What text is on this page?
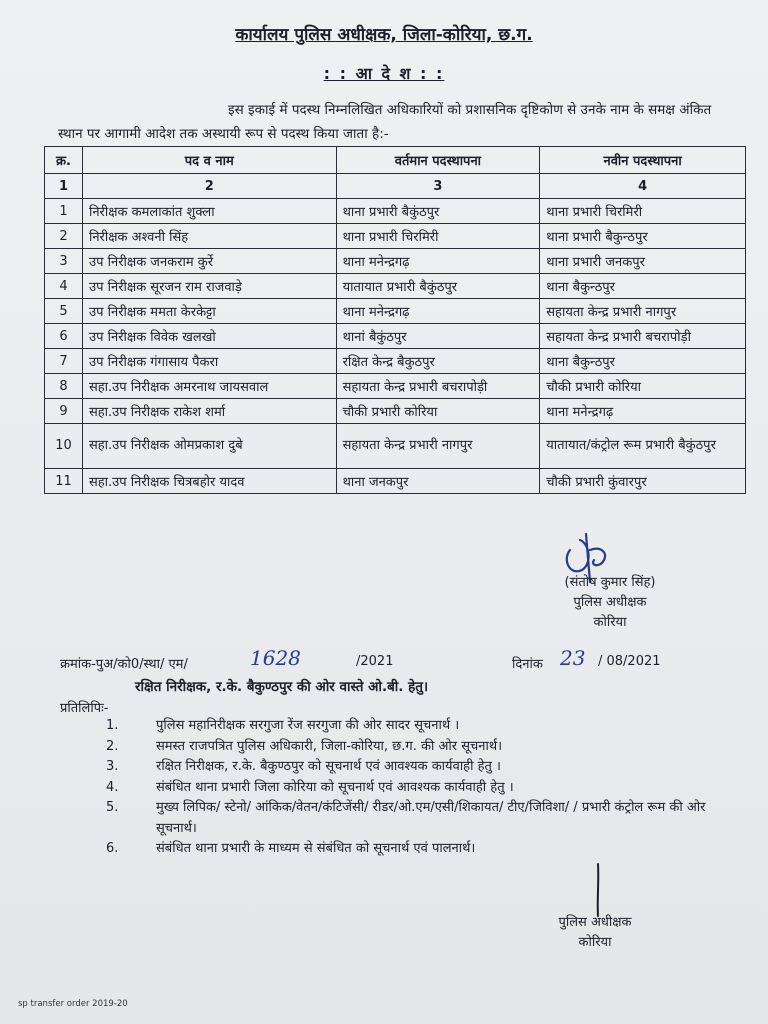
कार्यालय पुलिस अधीक्षक, जिला-कोरिया, छ.ग.
: : आ दे श : :
इस इकाई में पदस्थ निम्नलिखित अधिकारियों को प्रशासनिक दृष्टिकोण से उनके नाम के समक्ष अंकित स्थान पर आगामी आदेश तक अस्थायी रूप से पदस्थ किया जाता है:-
क्र.	पद व नाम	वर्तमान पदस्थापना	नवीन पदस्थापना
1	2	3	4
1	निरीक्षक कमलाकांत शुक्ला	थाना प्रभारी बैकुंठपुर	थाना प्रभारी चिरमिरी
2	निरीक्षक अश्वनी सिंह	थाना प्रभारी चिरमिरी	थाना प्रभारी बैकुन्ठपुर
3	उप निरीक्षक जनकराम कुर्रे	थाना मनेन्द्रगढ़	थाना प्रभारी जनकपुर
4	उप निरीक्षक सूरजन राम राजवाड़े	यातायात प्रभारी बैकुंठपुर	थाना बैकुन्ठपुर
5	उप निरीक्षक ममता केरकेट्टा	थाना मनेन्द्रगढ़	सहायता केन्द्र प्रभारी नागपुर
6	उप निरीक्षक विवेक खलखो	थानां बैकुंठपुर	सहायता केन्द्र प्रभारी बचरापोड़ी
7	उप निरीक्षक गंगासाय पैकरा	रक्षित केन्द्र बैकुठपुर	थाना बैकुन्ठपुर
8	सहा.उप निरीक्षक अमरनाथ जायसवाल	सहायता केन्द्र प्रभारी बचरापोड़ी	चौकी प्रभारी कोरिया
9	सहा.उप निरीक्षक राकेश शर्मा	चौकी प्रभारी कोरिया	थाना मनेन्द्रगढ़
10	सहा.उप निरीक्षक ओमप्रकाश दुबे	सहायता केन्द्र प्रभारी नागपुर	यातायात/कंट्रोल रूम प्रभारी बैकुंठपुर
11	सहा.उप निरीक्षक चित्रबहोर यादव	थाना जनकपुर	चौकी प्रभारी कुंवारपुर
(संतोष कुमार सिंह)
पुलिस अधीक्षक
कोरिया
क्रमांक-पुअ/को0/स्था/ एम/	1628	/2021	दिनांक 23 / 08/2021
रक्षित निरीक्षक, र.के. बैकुण्ठपुर की ओर वास्ते ओ.बी. हेतु।
प्रतिलिपिः-
1.	पुलिस महानिरीक्षक सरगुजा रेंज सरगुजा की ओर सादर सूचनार्थ ।
2.	समस्त राजपत्रित पुलिस अधिकारी, जिला-कोरिया, छ.ग. की ओर सूचनार्थ।
3.	रक्षित निरीक्षक, र.के. बैकुण्ठपुर को सूचनार्थ एवं आवश्यक कार्यवाही हेतु ।
4.	संबंधित थाना प्रभारी जिला कोरिया को सूचनार्थ एवं आवश्यक कार्यवाही हेतु ।
5.	मुख्य लिपिक/ स्टेनो/ आंकिक/वेतन/कंटिजेंसी/ रीडर/ओ.एम/एसी/शिकायत/ टीए/जिविशा/ / प्रभारी कंट्रोल रूम की ओर सूचनार्थ।
6.	संबंधित थाना प्रभारी के माध्यम से संबंधित को सूचनार्थ एवं पालनार्थ।
पुलिस अधीक्षक
कोरिया
sp transfer order 2019-20
